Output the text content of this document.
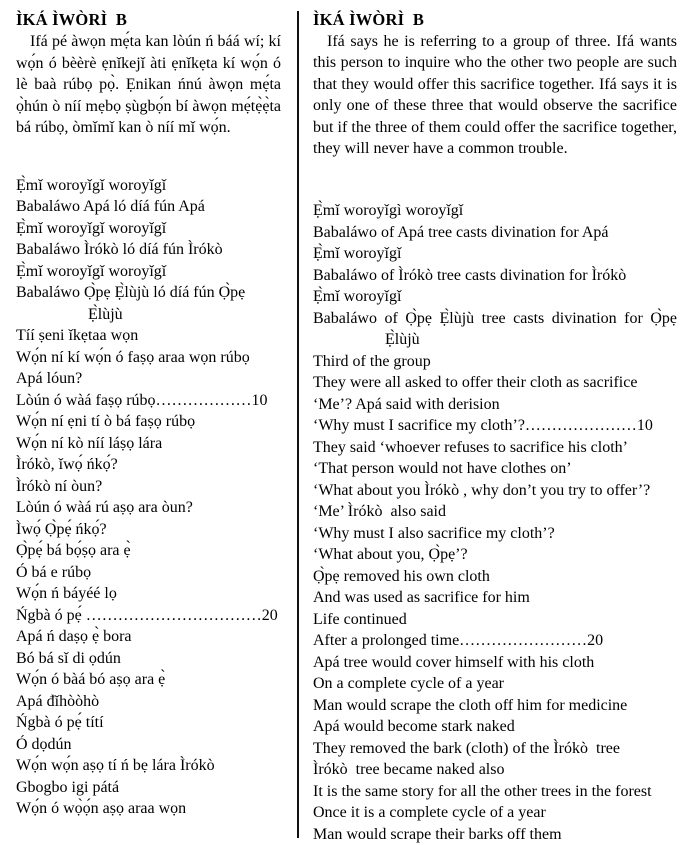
ÌKÁ ÌWÒRÌ  B

Ifá pé àwọn mẹ́ta kan lòún ń báá wí; kí wọ́n ó bèèrè ẹnǐkejǐ àti ẹnǐkẹta kí wọ́n ó lè baà rúbọ pọ̀. Ẹnikan ńnú àwọn mẹ́ta ọ̀hún ò níí mẹbọ ṣùgbọ́n bí àwọn mẹ́tẹ̀ẹ̀ta bá rúbọ, òmǐmǐ kan ò níí mǐ wọ́n.

Ẹ̀mǐ woroyǐgǐ woroyǐgǐ
Babaláwo Apá ló díá fún Apá
Ẹ̀mǐ woroyǐgǐ woroyǐgǐ
Babaláwo Ìrókò ló díá fún Ìrókò
Ẹ̀mǐ woroyǐgǐ woroyǐgǐ
Babaláwo Ọ̀pẹ Ẹ̀lùjù ló díá fún Ọ̀pẹ
Ẹ̀lùjù
Tíí ṣeni ǐkẹtaa wọn
Wọ́n ní kí wọ́n ó faṣọ araa wọn rúbọ
Apá lóun?
Lòún ó wàá faṣọ rúbọ………………10
Wọ́n ní ẹni tí ò bá faṣọ rúbọ
Wọ́n ní kò níí láṣọ lára
Ìrókò, ǐwọ́ ńkọ́?
Ìrókò ní òun?
Lòún ó wàá rú aṣọ ara òun?
Ìwọ́ Ọ̀pẹ́ ńkọ́?
Ọ̀pẹ́ bá bọ́ṣọ ara ẹ̀
Ó bá e rúbọ
Wọ́n ń báyéé lọ
Ńgbà ó pẹ́ ……………………………20
Apá ń daṣọ ẹ̀ bora
Bó bá sǐ di ọdún
Wọ́n ó bàá bó aṣọ ara ẹ̀
Apá đǐhòòhò
Ńgbà ó pẹ́ títí
Ó dọdún
Wọ́n wọ́n aṣọ tí ń bẹ lára Ìrókò
Gbogbo igi pátá
Wọ́n ó wọ̀ọ́n aṣọ araa wọn
ÌKÁ ÌWÒRÌ  B

Ifá says he is referring to a group of three. Ifá wants this person to inquire who the other two people are such that they would offer this sacrifice together. Ifá says it is only one of these three that would observe the sacrifice but if the three of them could offer the sacrifice together, they will never have a common trouble.

Ẹ̀mǐ woroyǐgì woroyǐgǐ
Babaláwo of Apá tree casts divination for Apá
Ẹ̀mǐ woroyǐgǐ
Babaláwo of Ìrókò tree casts divination for Ìrókò
Ẹ̀mǐ woroyǐgǐ
Babaláwo of Ọ̀pẹ Ẹ̀lùjù tree casts divination for Ọ̀pẹ
Ẹ̀lùjù
Third of the group
They were all asked to offer their cloth as sacrifice
‘Me’? Apá said with derision
‘Why must I sacrifice my cloth’?…………………10
They said ‘whoever refuses to sacrifice his cloth’
‘That person would not have clothes on’
‘What about you Ìrókò , why don’t you try to offer’?
‘Me’ Ìrókò  also said
‘Why must I also sacrifice my cloth’?
‘What about you, Ọ̀pẹ’?
Ọ̀pẹ removed his own cloth
And was used as sacrifice for him
Life continued
After a prolonged time……………………20
Apá tree would cover himself with his cloth
On a complete cycle of a year
Man would scrape the cloth off him for medicine
Apá would become stark naked
They removed the bark (cloth) of the Ìrókò  tree
Ìrókò  tree became naked also
It is the same story for all the other trees in the forest
Once it is a complete cycle of a year
Man would scrape their barks off them
